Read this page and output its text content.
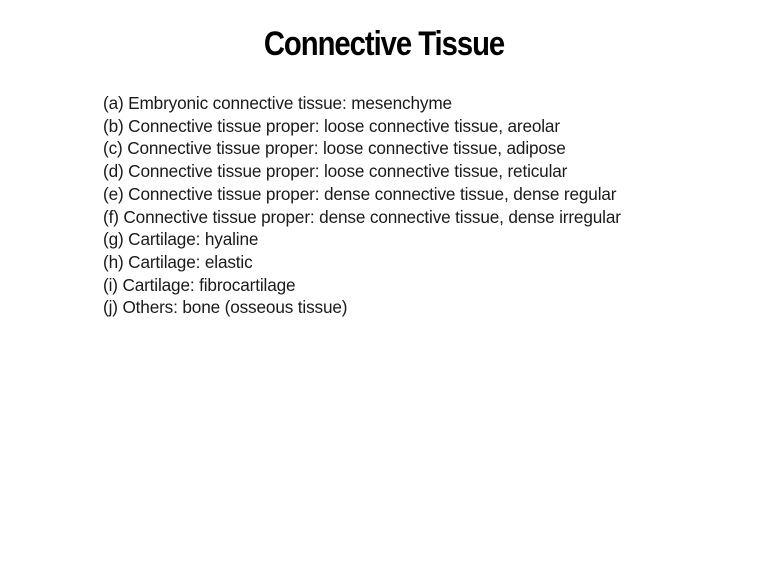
Connective Tissue
(a) Embryonic connective tissue: mesenchyme
(b) Connective tissue proper: loose connective tissue, areolar
(c) Connective tissue proper: loose connective tissue, adipose
(d) Connective tissue proper: loose connective tissue, reticular
(e) Connective tissue proper: dense connective tissue, dense regular
(f) Connective tissue proper: dense connective tissue, dense irregular
(g) Cartilage: hyaline
(h) Cartilage: elastic
(i) Cartilage: fibrocartilage
(j) Others: bone (osseous tissue)
